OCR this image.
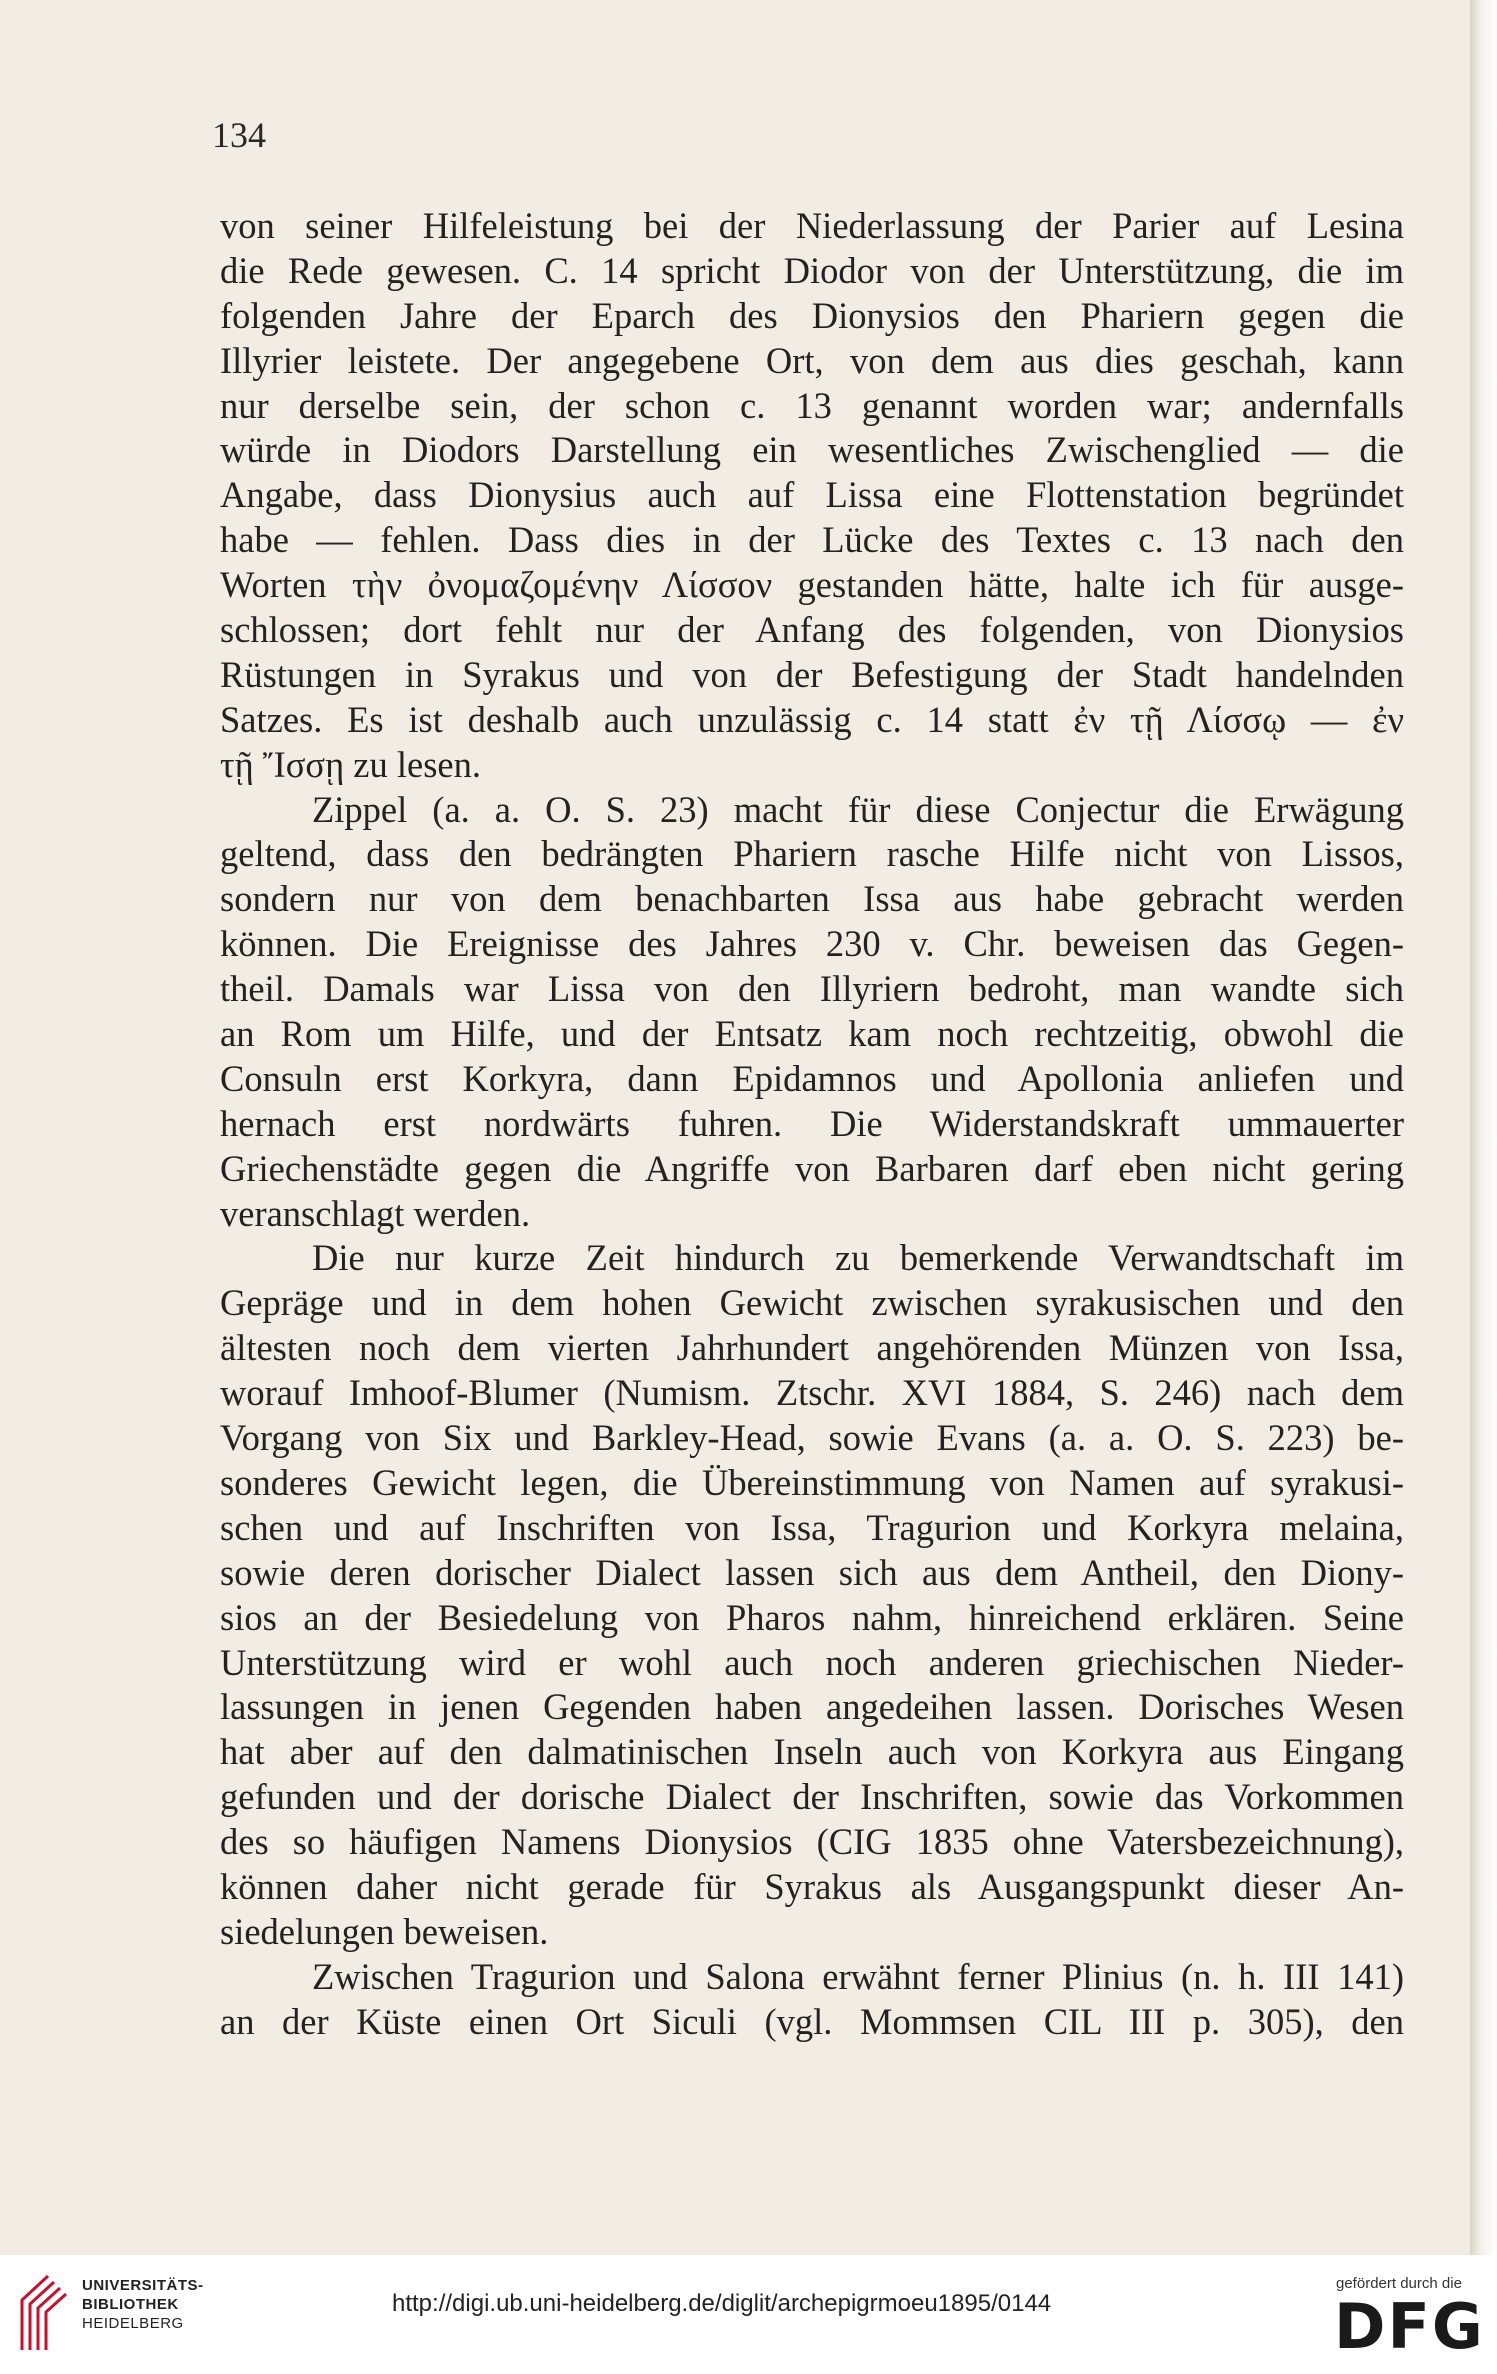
134
von seiner Hilfeleistung bei der Niederlassung der Parier auf Lesina
die Rede gewesen. C. 14 spricht Diodor von der Unterstützung, die im
folgenden Jahre der Eparch des Dionysios den Phariern gegen die
Illyrier leistete. Der angegebene Ort, von dem aus dies geschah, kann
nur derselbe sein, der schon c. 13 genannt worden war; andernfalls
würde in Diodors Darstellung ein wesentliches Zwischenglied — die
Angabe, dass Dionysius auch auf Lissa eine Flottenstation begründet
habe — fehlen. Dass dies in der Lücke des Textes c. 13 nach den
Worten τὴν ὀνομαζομένην Λίσσον gestanden hätte, halte ich für ausge-
schlossen; dort fehlt nur der Anfang des folgenden, von Dionysios
Rüstungen in Syrakus und von der Befestigung der Stadt handelnden
Satzes. Es ist deshalb auch unzulässig c. 14 statt ἐν τῇ Λίσσῳ — ἐν
τῇ Ἴσσῃ zu lesen.
Zippel (a. a. O. S. 23) macht für diese Conjectur die Erwägung
geltend, dass den bedrängten Phariern rasche Hilfe nicht von Lissos,
sondern nur von dem benachbarten Issa aus habe gebracht werden
können. Die Ereignisse des Jahres 230 v. Chr. beweisen das Gegen-
theil. Damals war Lissa von den Illyriern bedroht, man wandte sich
an Rom um Hilfe, und der Entsatz kam noch rechtzeitig, obwohl die
Consuln erst Korkyra, dann Epidamnos und Apollonia anliefen und
hernach erst nordwärts fuhren. Die Widerstandskraft ummauerter
Griechenstädte gegen die Angriffe von Barbaren darf eben nicht gering
veranschlagt werden.
Die nur kurze Zeit hindurch zu bemerkende Verwandtschaft im
Gepräge und in dem hohen Gewicht zwischen syrakusischen und den
ältesten noch dem vierten Jahrhundert angehörenden Münzen von Issa,
worauf Imhoof-Blumer (Numism. Ztschr. XVI 1884, S. 246) nach dem
Vorgang von Six und Barkley-Head, sowie Evans (a. a. O. S. 223) be-
sonderes Gewicht legen, die Übereinstimmung von Namen auf syrakusi-
schen und auf Inschriften von Issa, Tragurion und Korkyra melaina,
sowie deren dorischer Dialect lassen sich aus dem Antheil, den Diony-
sios an der Besiedelung von Pharos nahm, hinreichend erklären. Seine
Unterstützung wird er wohl auch noch anderen griechischen Nieder-
lassungen in jenen Gegenden haben angedeihen lassen. Dorisches Wesen
hat aber auf den dalmatinischen Inseln auch von Korkyra aus Eingang
gefunden und der dorische Dialect der Inschriften, sowie das Vorkommen
des so häufigen Namens Dionysios (CIG 1835 ohne Vatersbezeichnung),
können daher nicht gerade für Syrakus als Ausgangspunkt dieser An-
siedelungen beweisen.
Zwischen Tragurion und Salona erwähnt ferner Plinius (n. h. III 141)
an der Küste einen Ort Siculi (vgl. Mommsen CIL III p. 305), den
UNIVERSITÄTS-
BIBLIOTHEK
HEIDELBERG
http://digi.ub.uni-heidelberg.de/diglit/archepigrmoeu1895/0144
gefördert durch die
DFG
